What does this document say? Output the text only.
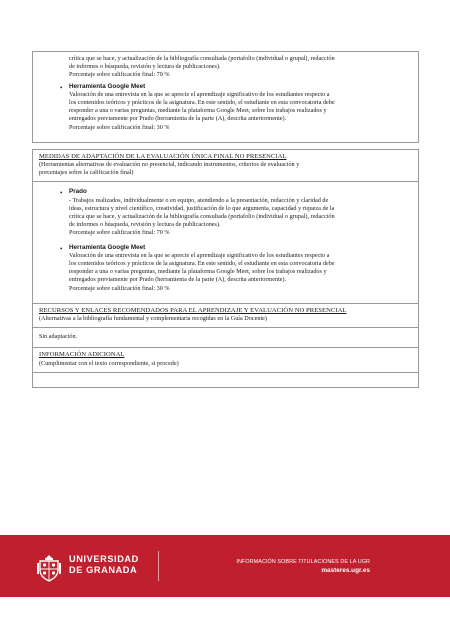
crítica que se hace, y actualización de la bibliografía consultada (portafolio (individual o grupal), redacción
de informes o búsqueda, revisión y lectura de publicaciones).
Porcentaje sobre calificación final: 70 %
• Herramienta Google Meet
Valoración de una entrevista en la que se aprecie el aprendizaje significativo de los estudiantes respecto a
los contenidos teóricos y prácticos de la asignatura. En este sentido, el estudiante en esta convocatoria debe
responder a una o varias preguntas, mediante la plataforma Google Meet, sobre los trabajos realizados y
entregados previamente por Prado (herramienta de la parte (A), descrita anteriormente).
Porcentaje sobre calificación final: 30 %
MEDIDAS DE ADAPTACIÓN DE LA EVALUACIÓN ÚNICA FINAL NO PRESENCIAL
(Herramientas alternativas de evaluación no presencial, indicando instrumentos, criterios de evaluación y
porcentajes sobre la calificación final)
• Prado
- Trabajos realizados, individualmente o en equipo, atendiendo a la presentación, redacción y claridad de
ideas, estructura y nivel científico, creatividad, justificación de lo que argumenta, capacidad y riqueza de la
crítica que se hace, y actualización de la bibliografía consultada (portafolio (individual o grupal), redacción
de informes o búsqueda, revisión y lectura de publicaciones).
Porcentaje sobre calificación final: 70 %
• Herramienta Google Meet
Valoración de una entrevista en la que se aprecie el aprendizaje significativo de los estudiantes respecto a
los contenidos teóricos y prácticos de la asignatura. En este sentido, el estudiante en esta convocatoria debe
responder a una o varias preguntas, mediante la plataforma Google Meet, sobre los trabajos realizados y
entregados previamente por Prado (herramienta de la parte (A), descrita anteriormente).
Porcentaje sobre calificación final: 30 %
RECURSOS Y ENLACES RECOMENDADOS PARA EL APRENDIZAJE Y EVALUACIÓN NO PRESENCIAL
(Alternativas a la bibliografía fundamental y complementaria recogidas en la Guía Docente)
Sin adaptación.
INFORMACIÓN ADICIONAL
(Cumplimentar con el texto correspondiente, si procede)
UNIVERSIDAD
DE GRANADA
INFORMACIÓN SOBRE TITULACIONES DE LA UGR
masteres.ugr.es
